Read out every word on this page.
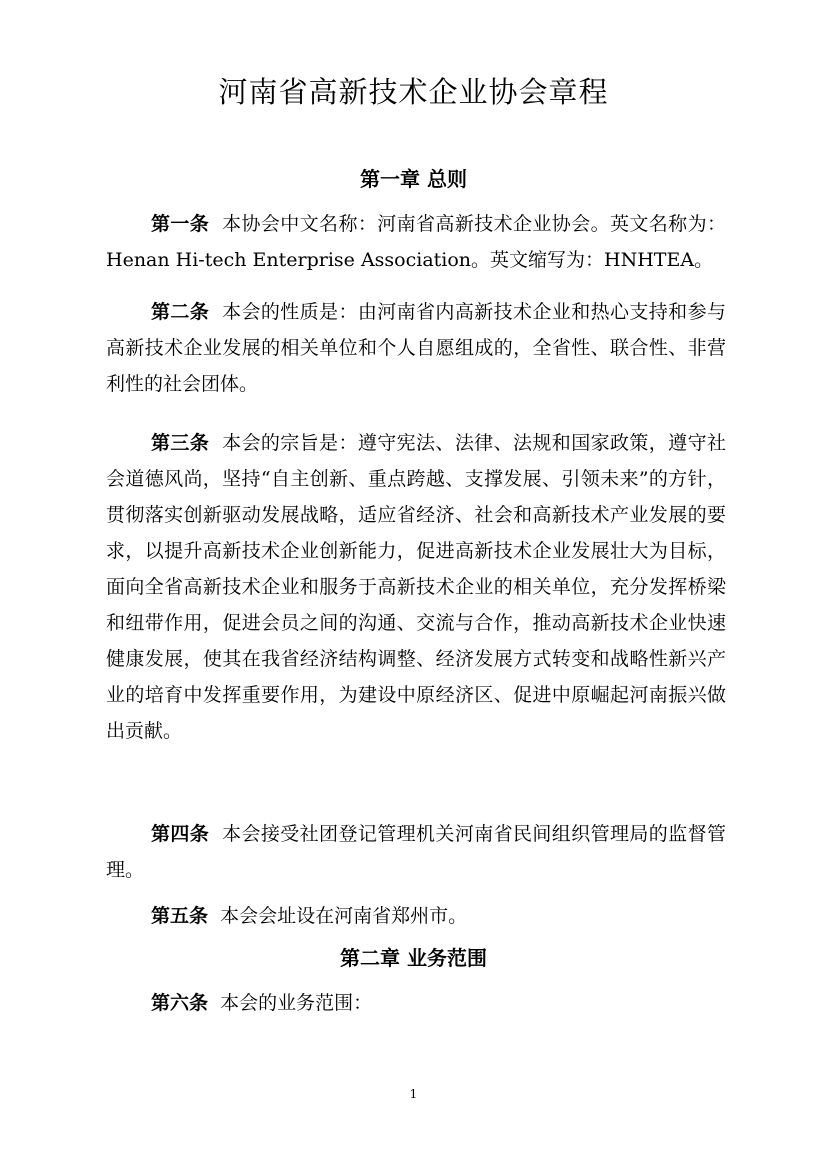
河南省高新技术企业协会章程
第一章 总则

第一条 本协会中文名称：河南省高新技术企业协会。英文名称为：Henan Hi-tech Enterprise Association。英文缩写为：HNHTEA。

第二条 本会的性质是：由河南省内高新技术企业和热心支持和参与高新技术企业发展的相关单位和个人自愿组成的，全省性、联合性、非营利性的社会团体。

第三条 本会的宗旨是：遵守宪法、法律、法规和国家政策，遵守社会道德风尚，坚持“自主创新、重点跨越、支撑发展、引领未来”的方针，贯彻落实创新驱动发展战略，适应省经济、社会和高新技术产业发展的要求，以提升高新技术企业创新能力，促进高新技术企业发展壮大为目标，面向全省高新技术企业和服务于高新技术企业的相关单位，充分发挥桥梁和纽带作用，促进会员之间的沟通、交流与合作，推动高新技术企业快速健康发展，使其在我省经济结构调整、经济发展方式转变和战略性新兴产业的培育中发挥重要作用，为建设中原经济区、促进中原崛起河南振兴做出贡献。

第四条 本会接受社团登记管理机关河南省民间组织管理局的监督管理。

第五条 本会会址设在河南省郑州市。

第二章 业务范围

第六条 本会的业务范围：

1
